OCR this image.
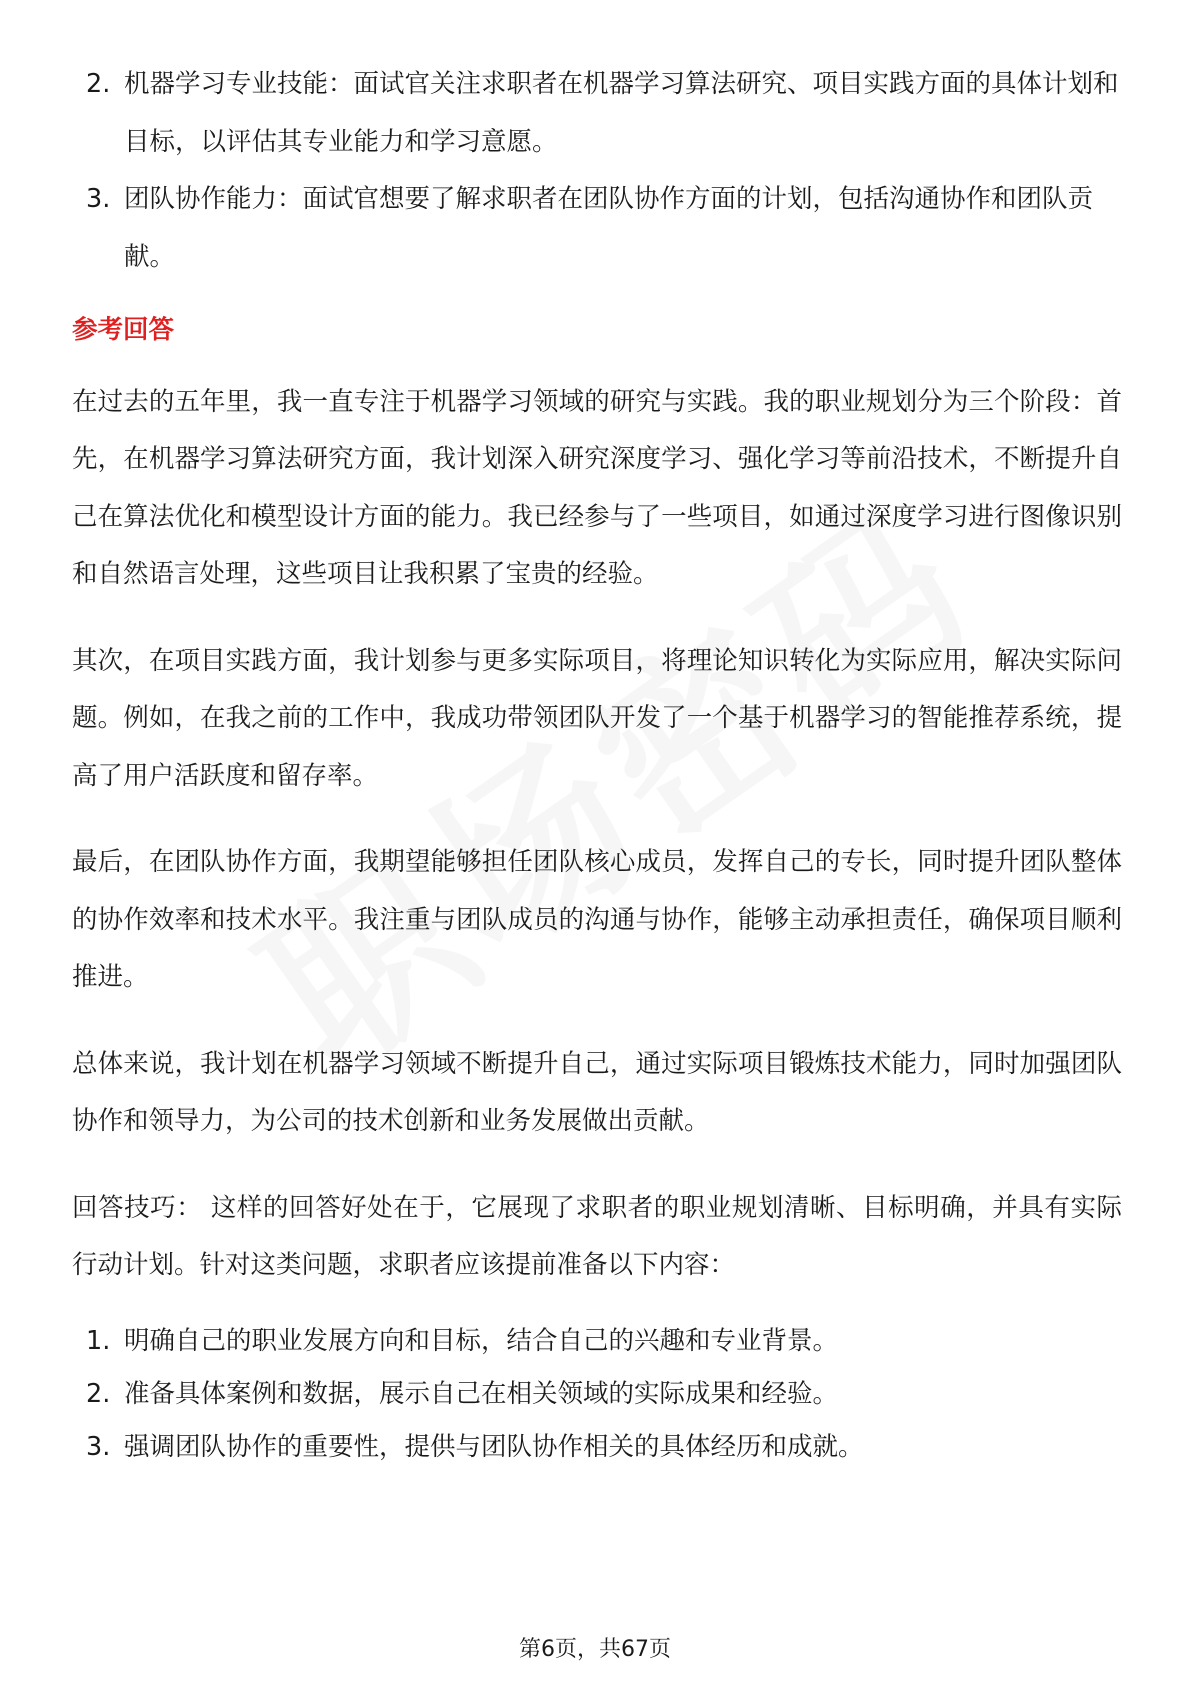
2. 机器学习专业技能：面试官关注求职者在机器学习算法研究、项目实践方面的具体计划和目标，以评估其专业能力和学习意愿。
3. 团队协作能力：面试官想要了解求职者在团队协作方面的计划，包括沟通协作和团队贡献。
参考回答
在过去的五年里，我一直专注于机器学习领域的研究与实践。我的职业规划分为三个阶段：首先，在机器学习算法研究方面，我计划深入研究深度学习、强化学习等前沿技术，不断提升自己在算法优化和模型设计方面的能力。我已经参与了一些项目，如通过深度学习进行图像识别和自然语言处理，这些项目让我积累了宝贵的经验。
其次，在项目实践方面，我计划参与更多实际项目，将理论知识转化为实际应用，解决实际问题。例如，在我之前的工作中，我成功带领团队开发了一个基于机器学习的智能推荐系统，提高了用户活跃度和留存率。
最后，在团队协作方面，我期望能够担任团队核心成员，发挥自己的专长，同时提升团队整体的协作效率和技术水平。我注重与团队成员的沟通与协作，能够主动承担责任，确保项目顺利推进。
总体来说，我计划在机器学习领域不断提升自己，通过实际项目锻炼技术能力，同时加强团队协作和领导力，为公司的技术创新和业务发展做出贡献。
回答技巧： 这样的回答好处在于，它展现了求职者的职业规划清晰、目标明确，并具有实际行动计划。针对这类问题，求职者应该提前准备以下内容：
1. 明确自己的职业发展方向和目标，结合自己的兴趣和专业背景。
2. 准备具体案例和数据，展示自己在相关领域的实际成果和经验。
3. 强调团队协作的重要性，提供与团队协作相关的具体经历和成就。
第6页，共67页
